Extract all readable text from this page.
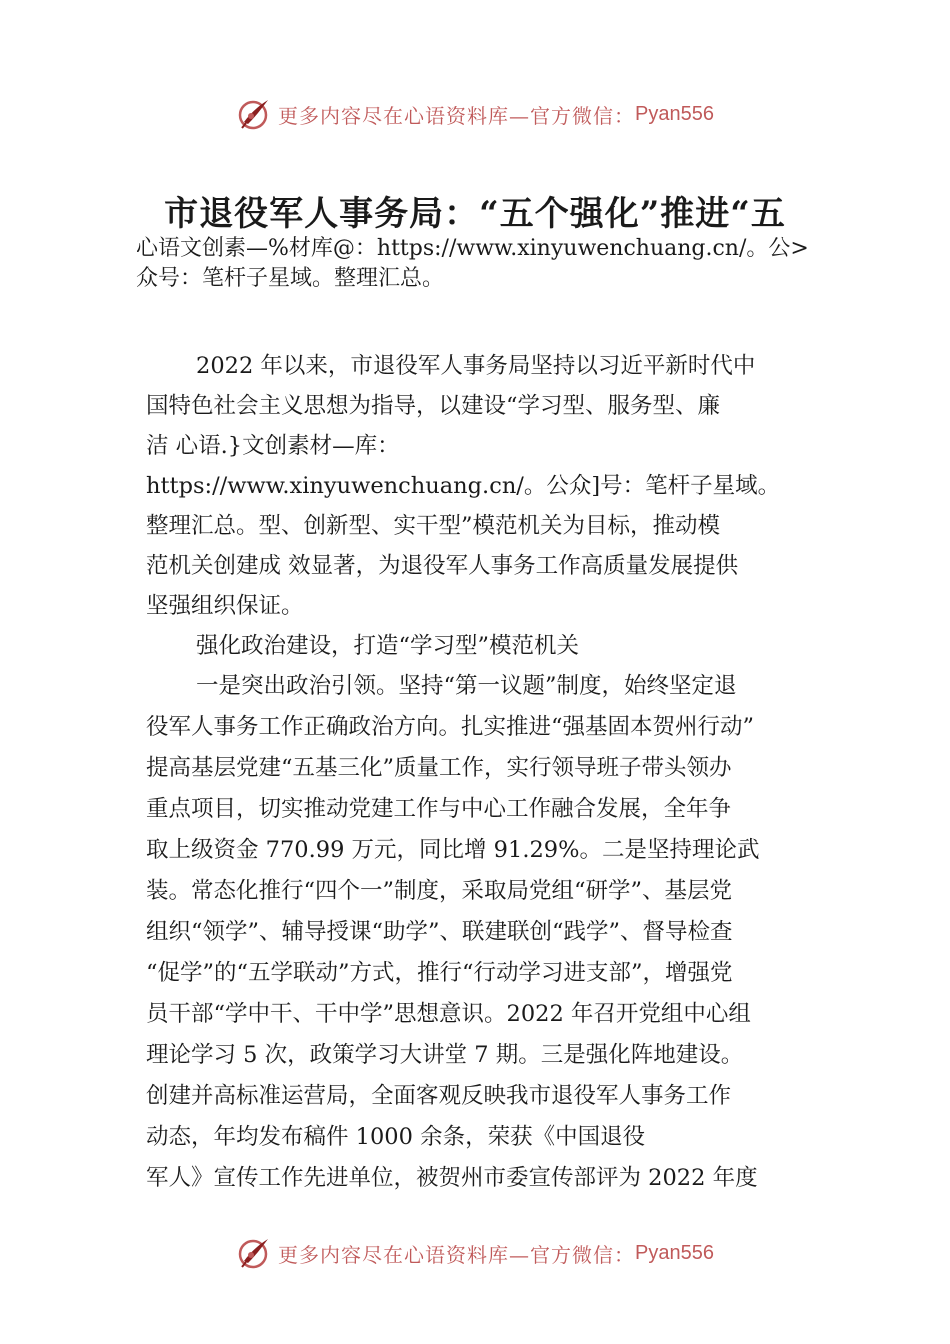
更多内容尽在心语资料库—官方微信： Pyan556
市退役军人事务局：“五个强化”推进“五
心语文创素—%材库@：https://www.xinyuwenchuang.cn/。公>
众号：笔杆子星域。整理汇总。
2022 年以来，市退役军人事务局坚持以习近平新时代中
国特色社会主义思想为指导，以建设“学习型、服务型、廉
洁 心语.}文创素材—库：
https://www.xinyuwenchuang.cn/。公众]号：笔杆子星域。
整理汇总。型、创新型、实干型”模范机关为目标，推动模
范机关创建成 效显著，为退役军人事务工作高质量发展提供
坚强组织保证。
强化政治建设，打造“学习型”模范机关
一是突出政治引领。坚持“第一议题”制度，始终坚定退
役军人事务工作正确政治方向。扎实推进“强基固本贺州行动”
提高基层党建“五基三化”质量工作，实行领导班子带头领办
重点项目，切实推动党建工作与中心工作融合发展，全年争
取上级资金 770.99 万元，同比增 91.29%。二是坚持理论武
装。常态化推行“四个一”制度，采取局党组“研学”、基层党
组织“领学”、辅导授课“助学”、联建联创“践学”、督导检查
“促学”的“五学联动”方式，推行“行动学习进支部”，增强党
员干部“学中干、干中学”思想意识。2022 年召开党组中心组
理论学习 5 次，政策学习大讲堂 7 期。三是强化阵地建设。
创建并高标准运营局，全面客观反映我市退役军人事务工作
动态，年均发布稿件 1000 余条，荣获《中国退役
军人》宣传工作先进单位，被贺州市委宣传部评为 2022 年度
更多内容尽在心语资料库—官方微信： Pyan556
